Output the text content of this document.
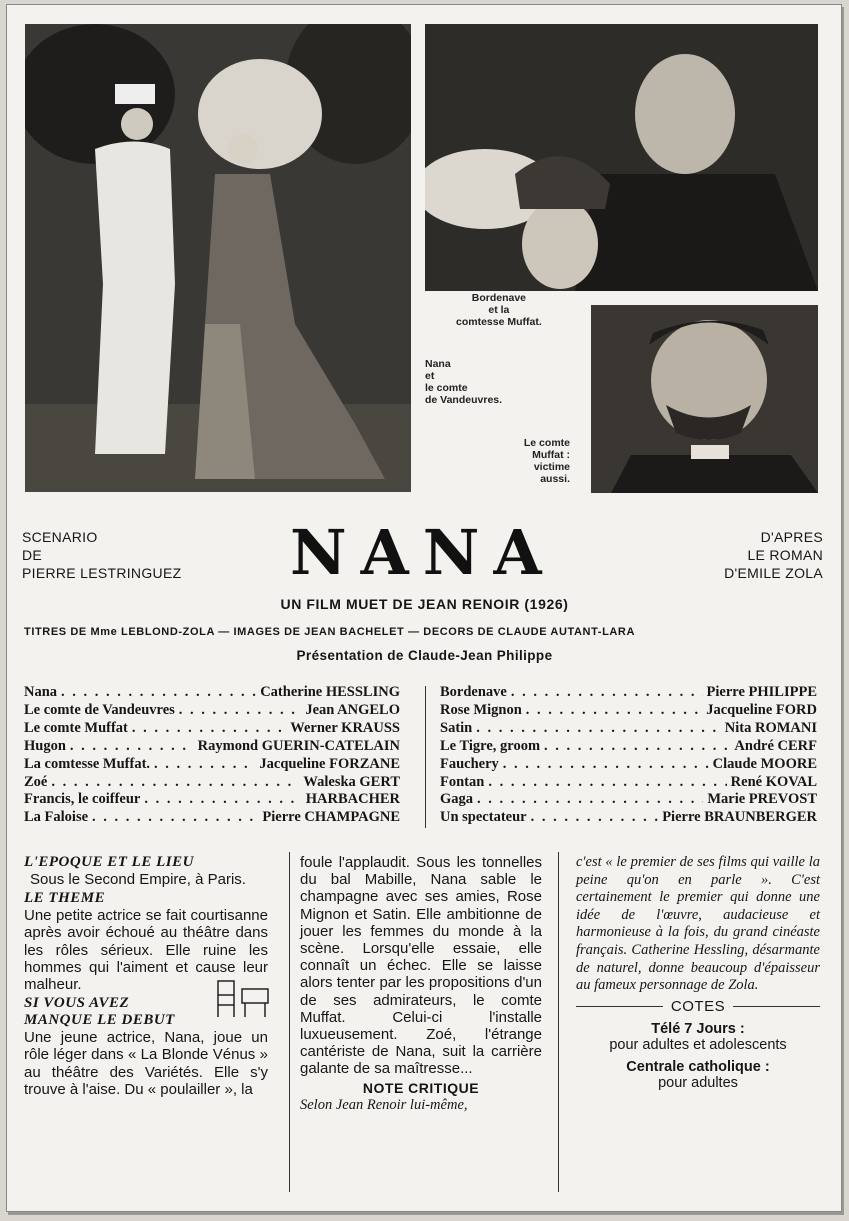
Bordenave
et la
comtesse Muffat.
Nana
et
le comte
de Vandeuvres.
Le comte
Muffat :
victime
aussi.
SCENARIO
DE
PIERRE LESTRINGUEZ NANA	D'APRES
LE ROMAN
D'EMILE ZOLA
UN FILM MUET DE JEAN RENOIR (1926)
TITRES DE Mme LEBLOND-ZOLA — IMAGES DE JEAN BACHELET — DECORS DE CLAUDE AUTANT-LARA
Présentation de Claude-Jean Philippe
Nana . . .	Catherine HESSLING
Le comte de Vandeuvres . . .	Jean ANGELO
Le comte Muffat . . .	Werner KRAUSS
Hugon . . .	Raymond GUERIN-CATELAIN
La comtesse Muffat. . . .	Jacqueline FORZANE
Zoé . . .	Waleska GERT
Francis, le coiffeur . . .	HARBACHER
La Faloise . . .	Pierre CHAMPAGNE
Bordenave . . .	Pierre PHILIPPE
Rose Mignon . . .	Jacqueline FORD
Satin . . .	Nita ROMANI
Le Tigre, groom . . .	André CERF
Fauchery . . .	Claude MOORE
Fontan . . .	René KOVAL
Gaga . . .	Marie PREVOST
Un spectateur . . .	Pierre BRAUNBERGER
L'EPOQUE ET LE LIEU

Sous le Second Empire, à Paris.

LE THEME

Une petite actrice se fait courtisanne après avoir échoué au théâtre dans les rôles sérieux. Elle ruine les hommes qui l'aiment et cause leur malheur.

SI VOUS AVEZ
MANQUE LE DEBUT

Une jeune actrice, Nana, joue un rôle léger dans « La Blonde Vénus » au théâtre des Variétés. Elle s'y trouve à l'aise. Du « poulailler », la

foule l'applaudit. Sous les tonnelles du bal Mabille, Nana sable le champagne avec ses amies, Rose Mignon et Satin. Elle ambitionne de jouer les femmes du monde à la scène. Lorsqu'elle essaie, elle connaît un échec. Elle se laisse alors tenter par les propositions d'un de ses admirateurs, le comte Muffat. Celui-ci l'installe luxueusement. Zoé, l'étrange cantériste de Nana, suit la carrière galante de sa maîtresse...

NOTE CRITIQUE

Selon Jean Renoir lui-même,

c'est « le premier de ses films qui vaille la peine qu'on en parle ». C'est certainement le premier qui donne une idée de l'œuvre, audacieuse et harmonieuse à la fois, du grand cinéaste français. Catherine Hessling, désarmante de naturel, donne beaucoup d'épaisseur au fameux personnage de Zola.

COTES
Télé 7 Jours :
pour adultes et adolescents
Centrale catholique :
pour adultes
